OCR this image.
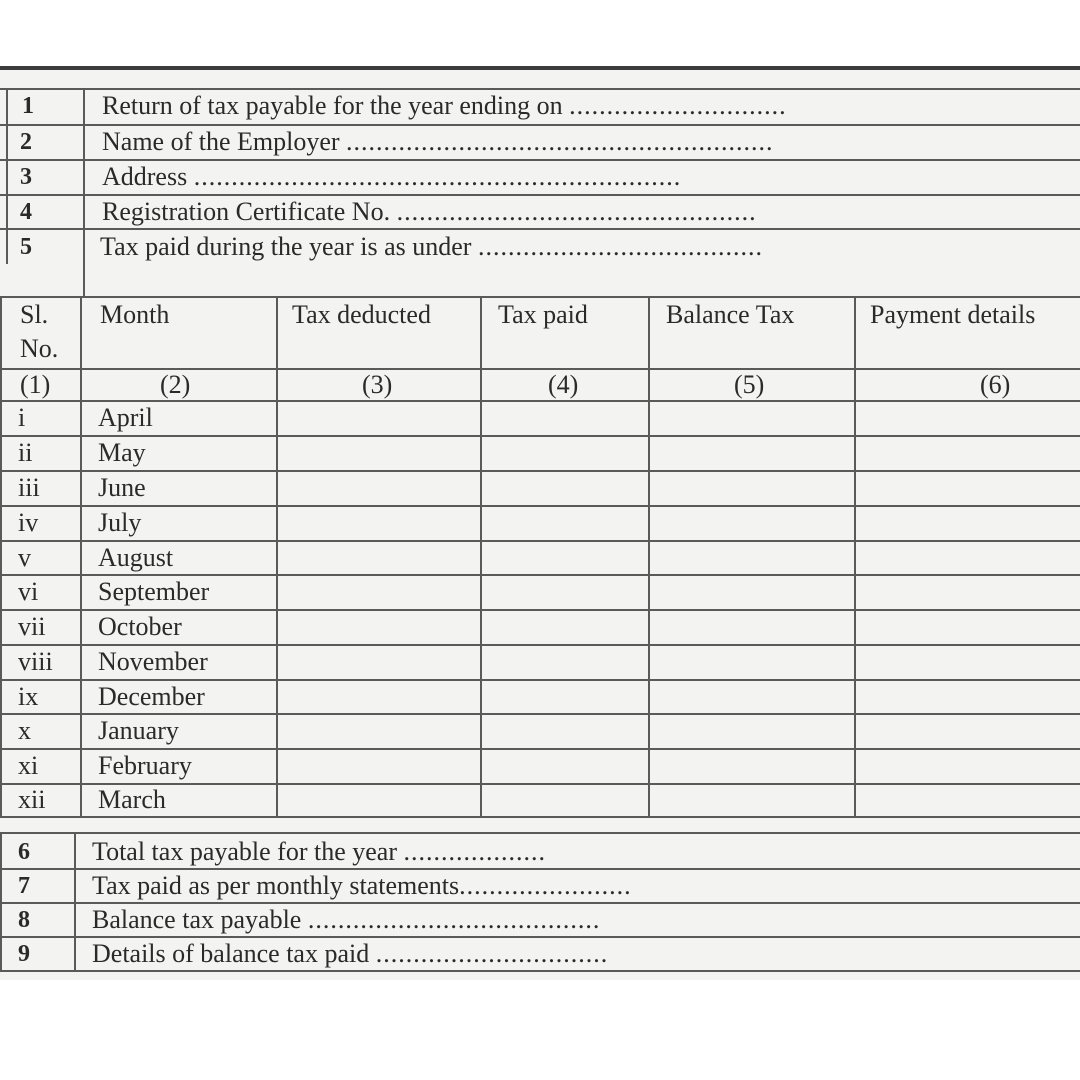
1	Return of tax payable for the year ending on .............................
2	Name of the Employer .........................................................
3	Address .................................................................
4	Registration Certificate No. ................................................
5	Tax paid during the year is as under ......................................
Sl.
No.
Month	Tax deducted	Tax paid	Balance Tax	Payment details
(1)	(2)	(3)	(4)	(5)	(6)
i	April
ii	May
iii June
iv July
v	August
vi September
vii October
viii November
ix December
x	January
xi February
xii March
6 Total tax payable for the year ...................
7 Tax paid as per monthly statements.......................
8 Balance tax payable .......................................
9 Details of balance tax paid ...............................
